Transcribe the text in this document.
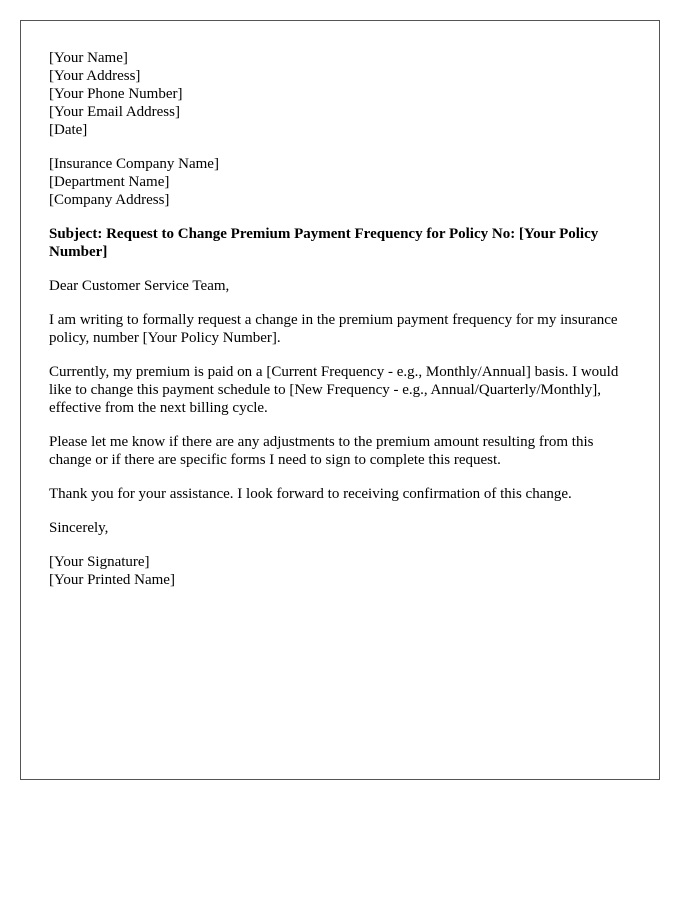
[Your Name]
[Your Address]
[Your Phone Number]
[Your Email Address]
[Date]
[Insurance Company Name]
[Department Name]
[Company Address]

Subject: Request to Change Premium Payment Frequency for Policy No: [Your Policy Number]

Dear Customer Service Team,

I am writing to formally request a change in the premium payment frequency for my insurance policy, number [Your Policy Number].

Currently, my premium is paid on a [Current Frequency - e.g., Monthly/Annual] basis. I would like to change this payment schedule to [New Frequency - e.g., Annual/Quarterly/Monthly], effective from the next billing cycle.

Please let me know if there are any adjustments to the premium amount resulting from this change or if there are specific forms I need to sign to complete this request.

Thank you for your assistance. I look forward to receiving confirmation of this change.

Sincerely,

[Your Signature]
[Your Printed Name]
